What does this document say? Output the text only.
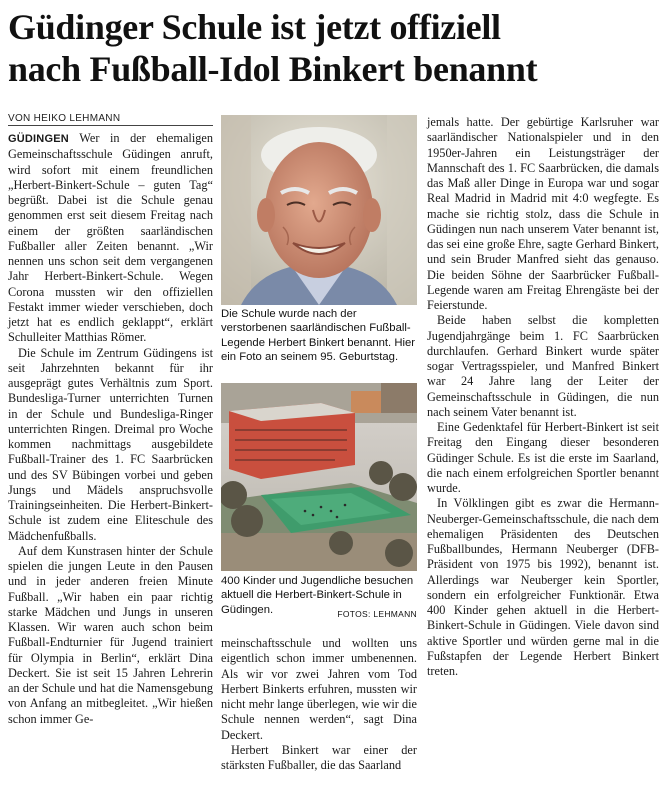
Güdinger Schule ist jetzt offiziell
nach Fußball-Idol Binkert benannt
VON HEIKO LEHMANN

GÜDINGEN Wer in der ehemaligen Gemeinschaftsschule Güdingen anruft, wird sofort mit einem freundlichen „Herbert-Binkert-Schule – guten Tag“ begrüßt. Dabei ist die Schule genau genommen erst seit diesem Freitag nach einem der größten saarländischen Fußballer aller Zeiten benannt. „Wir nennen uns schon seit dem vergangenen Jahr Herbert-Binkert-Schule. Wegen Corona mussten wir den offiziellen Festakt immer wieder verschieben, doch jetzt hat es endlich geklappt“, erklärt Schulleiter Matthias Römer.

Die Schule im Zentrum Güdingens ist seit Jahrzehnten bekannt für ihr ausgeprägt gutes Verhältnis zum Sport. Bundesliga-Turner unterrichten Turnen in der Schule und Bundesliga-Ringer unterrichten Ringen. Dreimal pro Woche kommen nachmittags ausgebildete Fußball-Trainer des 1. FC Saarbrücken und des SV Bübingen vorbei und geben Jungs und Mädels anspruchsvolle Trainingseinheiten. Die Herbert-Binkert-Schule ist zudem eine Eliteschule des Mädchenfußballs.

Auf dem Kunstrasen hinter der Schule spielen die jungen Leute in den Pausen und in jeder anderen freien Minute Fußball. „Wir haben ein paar richtig starke Mädchen und Jungs in unseren Klassen. Wir waren auch schon beim Fußball-Endturnier für Jugend trainiert für Olympia in Berlin“, erklärt Dina Deckert. Sie ist seit 15 Jahren Lehrerin an der Schule und hat die Namensgebung von Anfang an mitbegleitet. „Wir hießen schon immer Ge-

Die Schule wurde nach der verstorbenen saarländischen Fußball-Legende Herbert Binkert benannt. Hier ein Foto an seinem 95. Geburtstag.
400 Kinder und Jugendliche besuchen aktuell die Herbert-Binkert-Schule in Güdingen.	FOTOS: LEHMANN

meinschaftsschule und wollten uns eigentlich schon immer umbenennen. Als wir vor zwei Jahren vom Tod Herbert Binkerts erfuhren, mussten wir nicht mehr lange überlegen, wie wir die Schule nennen werden“, sagt Dina Deckert.

Herbert Binkert war einer der stärksten Fußballer, die das Saarland

jemals hatte. Der gebürtige Karlsruher war saarländischer Nationalspieler und in den 1950er-Jahren ein Leistungsträger der Mannschaft des 1. FC Saarbrücken, die damals das Maß aller Dinge in Europa war und sogar Real Madrid in Madrid mit 4:0 wegfegte. Es mache sie richtig stolz, dass die Schule in Güdingen nun nach unserem Vater benannt ist, das sei eine große Ehre, sagte Gerhard Binkert, und sein Bruder Manfred sieht das genauso. Die beiden Söhne der Saarbrücker Fußball-Legende waren am Freitag Ehrengäste bei der Feierstunde.

Beide haben selbst die kompletten Jugendjahrgänge beim 1. FC Saarbrücken durchlaufen. Gerhard Binkert wurde später sogar Vertragsspieler, und Manfred Binkert war 24 Jahre lang der Leiter der Gemeinschaftsschule in Güdingen, die nun nach seinem Vater benannt ist.

Eine Gedenktafel für Herbert-Binkert ist seit Freitag den Eingang dieser besonderen Güdinger Schule. Es ist die erste im Saarland, die nach einem erfolgreichen Sportler benannt wurde.

In Völklingen gibt es zwar die Hermann-Neuberger-Gemeinschaftsschule, die nach dem ehemaligen Präsidenten des Deutschen Fußballbundes, Hermann Neuberger (DFB-Präsident von 1975 bis 1992), benannt ist. Allerdings war Neuberger kein Sportler, sondern ein erfolgreicher Funktionär. Etwa 400 Kinder gehen aktuell in die Herbert-Binkert-Schule in Güdingen. Viele davon sind aktive Sportler und würden gerne mal in die Fußstapfen der Legende Herbert Binkert treten.
